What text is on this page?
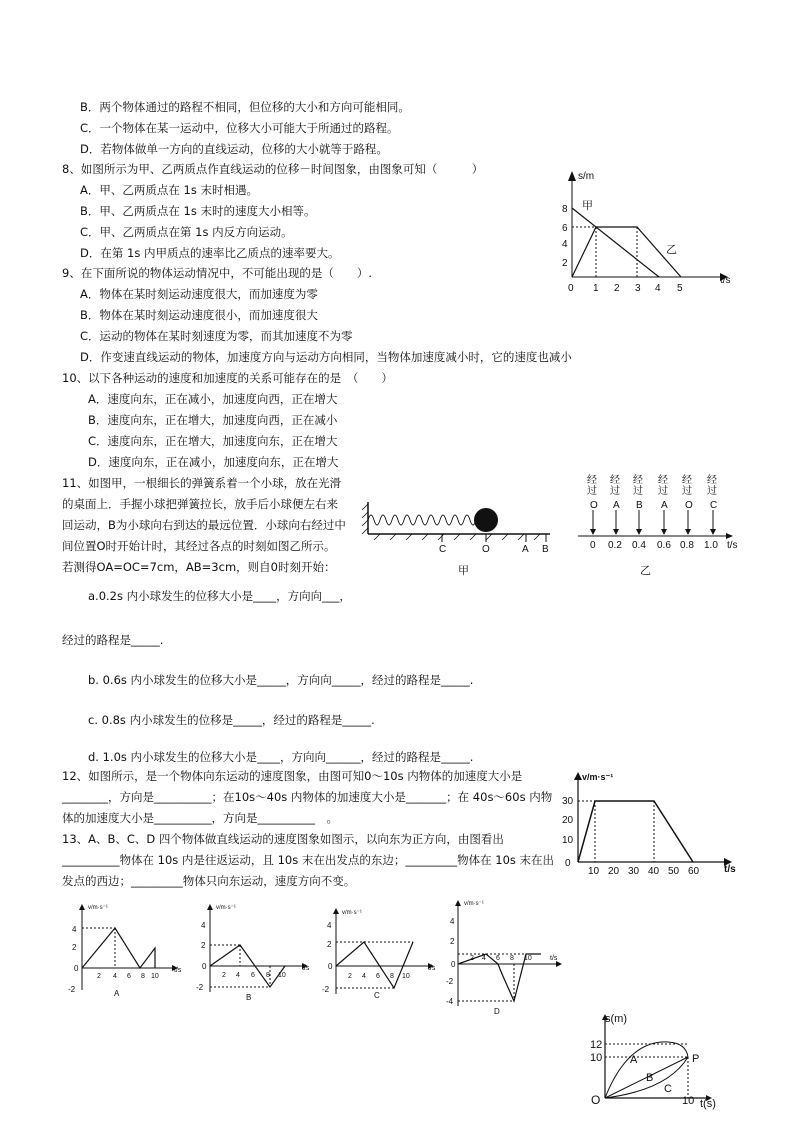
B．两个物体通过的路程不相同，但位移的大小和方向可能相同。
C．一个物体在某一运动中，位移大小可能大于所通过的路程。
D．若物体做单一方向的直线运动，位移的大小就等于路程。
8、如图所示为甲、乙两质点作直线运动的位移－时间图象，由图象可知（　　　）
A．甲、乙两质点在 1s 末时相遇。
B．甲、乙两质点在 1s 末时的速度大小相等。
C．甲、乙两质点在第 1s 内反方向运动。
D．在第 1s 内甲质点的速率比乙质点的速率要大。
s/m
t/s
2
4
6
8
0 1 2 3 4 5
甲
乙
9、在下面所说的物体运动情况中，不可能出现的是（　　）.
A．物体在某时刻运动速度很大，而加速度为零
B．物体在某时刻运动速度很小，而加速度很大
C．运动的物体在某时刻速度为零，而其加速度不为零
D．作变速直线运动的物体，加速度方向与运动方向相同，当物体加速度减小时，它的速度也减小
10、以下各种运动的速度和加速度的关系可能存在的是　（　　）
A．速度向东，正在减小，加速度向西，正在增大
B．速度向东，正在增大，加速度向西，正在减小
C．速度向东，正在增大，加速度向东，正在增大
D．速度向东，正在减小，加速度向东，正在增大
11、如图甲，一根细长的弹簧系着一个小球，放在光滑
的桌面上．手握小球把弹簧拉长，放手后小球便左右来
回运动，B为小球向右到达的最远位置．小球向右经过中
间位置O时开始计时，其经过各点的时刻如图乙所示。
若测得OA=OC=7cm，AB=3cm，则自0时刻开始：
C	O	A B
甲
经过
经过
经过
经过
经过
经过
O A B A O C
0 0.2 0.4 0.6 0.8 1.0 t/s
乙
a.0.2s 内小球发生的位移大小是____，方向向___，
经过的路程是_____.
b. 0.6s 内小球发生的位移大小是_____，方向向_____，经过的路程是_____.
c. 0.8s 内小球发生的位移是_____，经过的路程是_____.
d. 1.0s 内小球发生的位移大小是____，方向向______，经过的路程是_____.
12、如图所示，是一个物体向东运动的速度图象，由图可知0～10s 内物体的加速度大小是
________，方向是__________；在10s～40s 内物体的加速度大小是_______；在 40s～60s 内物
体的加速度大小是__________，方向是__________　。
v/m·s⁻¹
t/s
0
10
20
30
10 20 30 40 50 60
13、A、B、C、D 四个物体做直线运动的速度图象如图示，以向东为正方向，由图看出
__________物体在 10s 内是往返运动，且 10s 末在出发点的东边；_________物体在 10s 末在出
发点的西边；_________物体只向东运动，速度方向不变。
v/m·s⁻¹
4
2
0
-2
2 4 6 8 10
t/s
A
v/m·s⁻¹
4
2
0
-2
2 4 6 8 10
t/s
B
v/m·s⁻¹
4
2
0
-2
2 4 6 8 10
t/s
C
v/m·s⁻¹
4
2
0
-2
-4
2 4 6 8 10	t/s
D
s(m)
12
10
O	10 t(s)
A
B
C
P
